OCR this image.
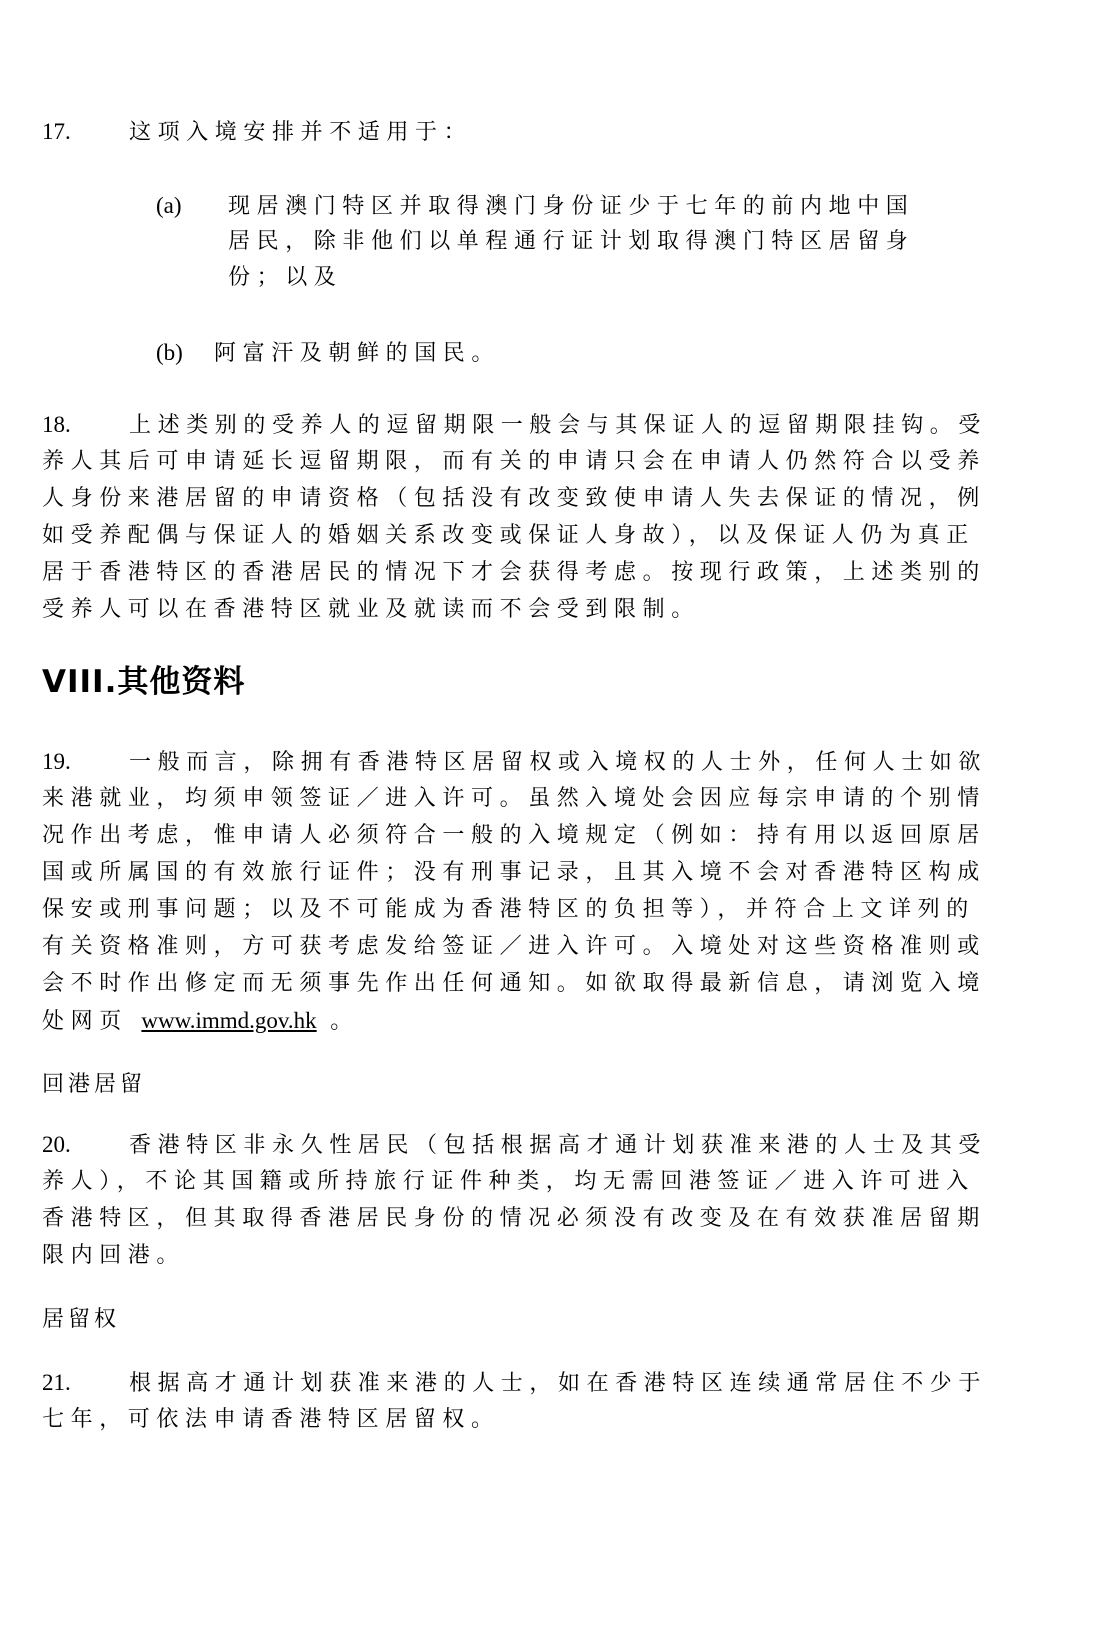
17.	这项入境安排并不适用于：
(a) 现居澳门特区并取得澳门身份证少于七年的前内地中国
居民，除非他们以单程通行证计划取得澳门特区居留身
份；以及
(b) 阿富汗及朝鲜的国民。
18.	上述类别的受养人的逗留期限一般会与其保证人的逗留期限挂钩。受
养人其后可申请延长逗留期限，而有关的申请只会在申请人仍然符合以受养
人身份来港居留的申请资格（包括没有改变致使申请人失去保证的情况，例
如受养配偶与保证人的婚姻关系改变或保证人身故），以及保证人仍为真正
居于香港特区的香港居民的情况下才会获得考虑。按现行政策，上述类别的
受养人可以在香港特区就业及就读而不会受到限制。
VIII.其他资料
19.	一般而言，除拥有香港特区居留权或入境权的人士外，任何人士如欲
来港就业，均须申领签证／进入许可。虽然入境处会因应每宗申请的个别情
况作出考虑，惟申请人必须符合一般的入境规定（例如：持有用以返回原居
国或所属国的有效旅行证件；没有刑事记录，且其入境不会对香港特区构成
保安或刑事问题；以及不可能成为香港特区的负担等），并符合上文详列的
有关资格准则，方可获考虑发给签证／进入许可。入境处对这些资格准则或
会不时作出修定而无须事先作出任何通知。如欲取得最新信息，请浏览入境
处网页 www.immd.gov.hk 。
回港居留
20.	香港特区非永久性居民（包括根据高才通计划获准来港的人士及其受
养人），不论其国籍或所持旅行证件种类，均无需回港签证／进入许可进入
香港特区，但其取得香港居民身份的情况必须没有改变及在有效获准居留期
限内回港。
居留权
21.	根据高才通计划获准来港的人士，如在香港特区连续通常居住不少于
七年，可依法申请香港特区居留权。
